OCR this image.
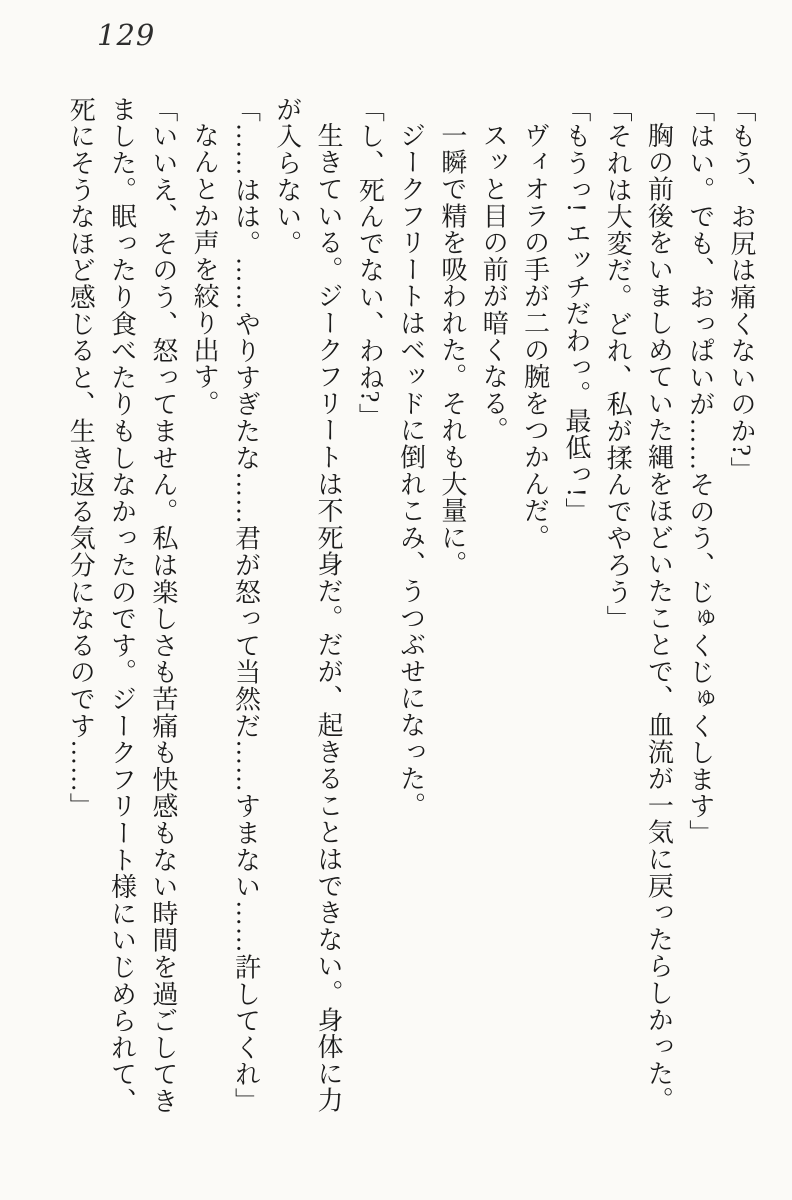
129

「もう、お尻は痛くないのか?」

「はい。でも、おっぱいが……そのう、じゅくじゅくします」

胸の前後をいましめていた縄をほどいたことで、血流が一気に戻ったらしかった。

「それは大変だ。どれ、私が揉んでやろう」

「もうっ! エッチだわっ。最低っ!」

ヴィオラの手が二の腕をつかんだ。

スッと目の前が暗くなる。

一瞬で精を吸われた。それも大量に。

ジークフリートはベッドに倒れこみ、うつぶせになった。

「し、死んでない、わね?」

生きている。ジークフリートは不死身だ。だが、起きることはできない。身体に力が入らない。

「……はは。……やりすぎたな……君が怒って当然だ……すまない……許してくれ」

なんとか声を絞り出す。

「いいえ、そのう、怒ってません。私は楽しさも苦痛も快感もない時間を過ごしてきました。眠ったり食べたりもしなかったのです。ジークフリート様にいじめられて、死にそうなほど感じると、生き返る気分になるのです……」
